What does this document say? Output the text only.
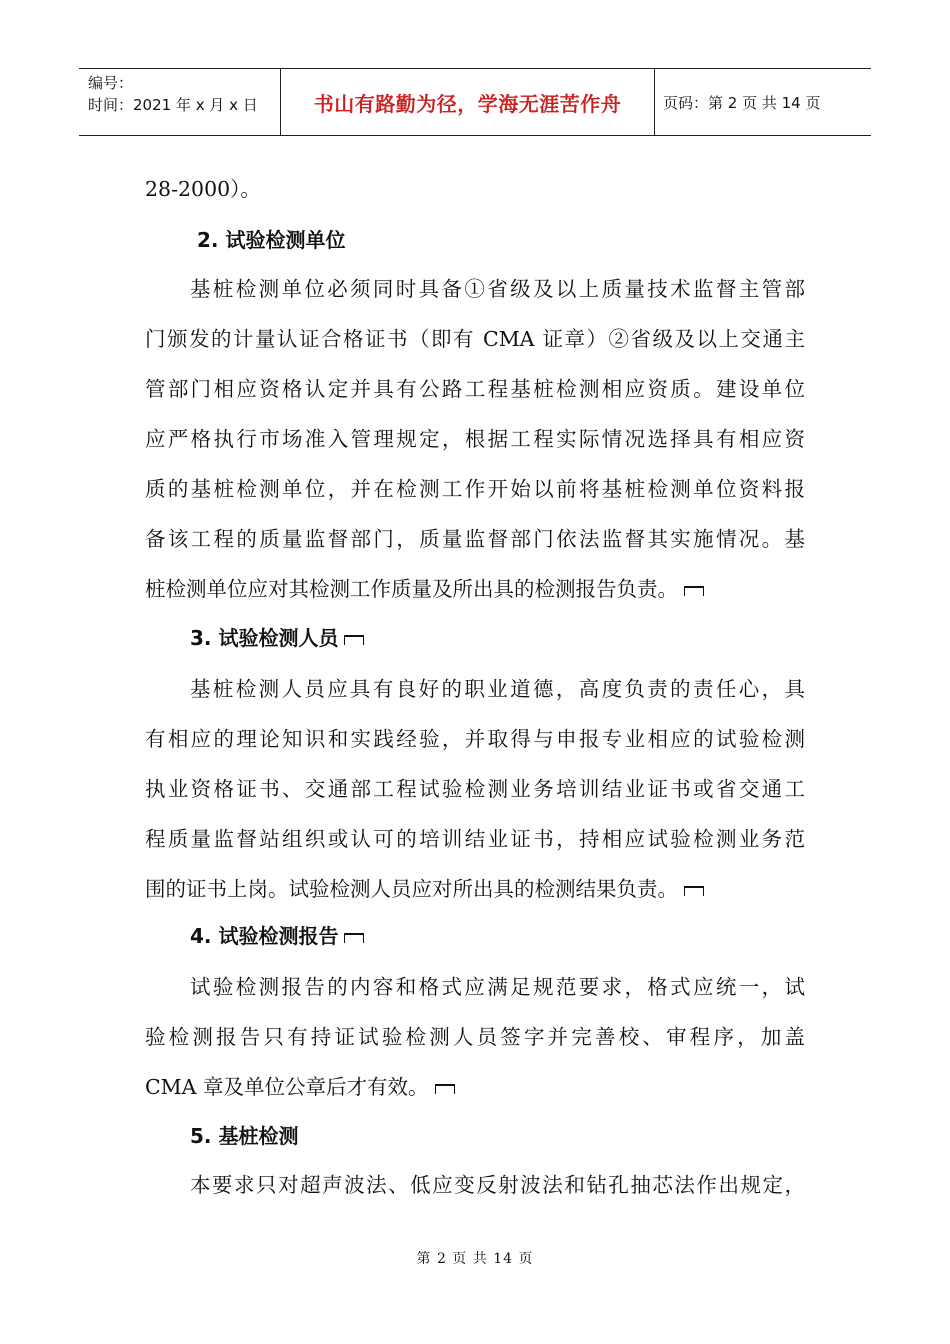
编号：
时间：2021 年 x 月 x 日	书山有路勤为径，学海无涯苦作舟	页码：第 2 页 共 14 页
28-2000）。
2. 试验检测单位
基桩检测单位必须同时具备①省级及以上质量技术监督主管部
门颁发的计量认证合格证书（即有 CMA 证章）②省级及以上交通主
管部门相应资格认定并具有公路工程基桩检测相应资质。建设单位
应严格执行市场准入管理规定，根据工程实际情况选择具有相应资
质的基桩检测单位，并在检测工作开始以前将基桩检测单位资料报
备该工程的质量监督部门，质量监督部门依法监督其实施情况。基
桩检测单位应对其检测工作质量及所出具的检测报告负责。
3. 试验检测人员
基桩检测人员应具有良好的职业道德，高度负责的责任心，具
有相应的理论知识和实践经验，并取得与申报专业相应的试验检测
执业资格证书、交通部工程试验检测业务培训结业证书或省交通工
程质量监督站组织或认可的培训结业证书，持相应试验检测业务范
围的证书上岗。试验检测人员应对所出具的检测结果负责。
4. 试验检测报告
试验检测报告的内容和格式应满足规范要求，格式应统一，试
验检测报告只有持证试验检测人员签字并完善校、审程序，加盖
CMA 章及单位公章后才有效。
5. 基桩检测
本要求只对超声波法、低应变反射波法和钻孔抽芯法作出规定，
第 2 页 共 14 页
